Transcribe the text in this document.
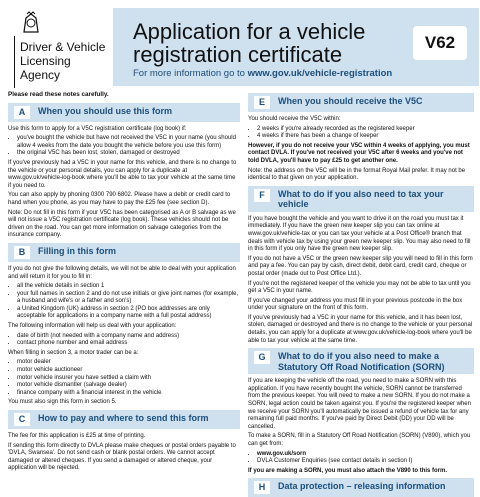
Driver & Vehicle
Licensing
Agency
Application for a vehicle
registration certificate
For more information go to www.gov.uk/vehicle-registration
V62

Please read these notes carefully.

A	When you should use this form

Use this form to apply for a V5C registration certificate (log book) if:

• you've bought the vehicle but have not received the V5C in your name (you should allow 4 weeks from the date you bought the vehicle before you use this form)
• the original V5C has been lost, stolen, damaged or destroyed

If you've previously had a V5C in your name for this vehicle, and there is no change to the vehicle or your personal details, you can apply for a duplicate at www.gov.uk/vehicle-log-book where you'll be able to tax your vehicle at the same time if you need to.

You can also apply by phoning 0300 790 6802. Please have a debit or credit card to hand when you phone, as you may have to pay the £25 fee (see section D).

Note: Do not fill in this form if your V5C has been categorised as A or B salvage as we will not issue a V5C registration certificate (log book). These vehicles should not be driven on the road. You can get more information on salvage categories from the insurance company.

B	Filling in this form

If you do not give the following details, we will not be able to deal with your application and will return it for you to fill in:

• all the vehicle details in section 1
• your full names in section 2 and do not use initials or give joint names (for example, a husband and wife's or a father and son's)
• a United Kingdom (UK) address in section 2 (PO box addresses are only acceptable for applications in a company name with a full postal address)

The following information will help us deal with your application:

• date of birth (not needed with a company name and address)
• contact phone number and email address

When filling in section 3, a motor trader can be a:

• motor dealer
• motor vehicle auctioneer
• motor vehicle insurer you have settled a claim with
• motor vehicle dismantler (salvage dealer)
• finance company with a financial interest in the vehicle

You must also sign this form in section 5.

C	How to pay and where to send this form

The fee for this application is £25 at time of printing.

If sending this form directly to DVLA please make cheques or postal orders payable to 'DVLA, Swansea'. Do not send cash or blank postal orders. We cannot accept damaged or altered cheques. If you send a damaged or altered cheque, your application will be rejected.

E	When you should receive the V5C

You should receive the V5C within:

• 2 weeks if you're already recorded as the registered keeper
• 4 weeks if there has been a change of keeper

However, if you do not receive your V5C within 4 weeks of applying, you must contact DVLA. If you've not received your V5C after 6 weeks and you've not told DVLA, you'll have to pay £25 to get another one.

Note: the address on the V5C will be in the format Royal Mail prefer. It may not be identical to that given on your application.

F	What to do if you also need to tax your vehicle

If you have bought the vehicle and you want to drive it on the road you must tax it immediately. If you have the green new keeper slip you can tax online at www.gov.uk/vehicle-tax or you can tax your vehicle at a Post Office® branch that deals with vehicle tax by using your green new keeper slip. You may also need to fill in this form if you only have the green new keeper slip.

If you do not have a V5C or the green new keeper slip you will need to fill in this form and pay a fee. You can pay by cash, direct debit, debit card, credit card, cheque or postal order (made out to Post Office Ltd.).

If you're not the registered keeper of the vehicle you may not be able to tax until you get a V5C in your name.

If you've changed your address you must fill in your previous postcode in the box under your signature on the front of this form.

If you've previously had a V5C in your name for this vehicle, and it has been lost, stolen, damaged or destroyed and there is no change to the vehicle or your personal details, you can apply for a duplicate at www.gov.uk/vehicle-log-book where you'll be able to tax your vehicle at the same time.

G	What to do if you also need to make a Statutory Off Road Notification (SORN)

If you are keeping the vehicle off the road, you need to make a SORN with this application. If you have recently bought the vehicle, SORN cannot be transferred from the previous keeper. You will need to make a new SORN. If you do not make a SORN, legal action could be taken against you. If you're the registered keeper when we receive your SORN you'll automatically be issued a refund of vehicle tax for any remaining full paid months. If you've paid by Direct Debit (DD) your DD will be cancelled.

To make a SORN, fill in a Statutory Off Road Notification (SORN) (V890), which you can get from:

• www.gov.uk/sorn
• DVLA Customer Enquiries (see contact details in section I)

If you are making a SORN, you must also attach the V890 to this form.

H	Data protection – releasing information
